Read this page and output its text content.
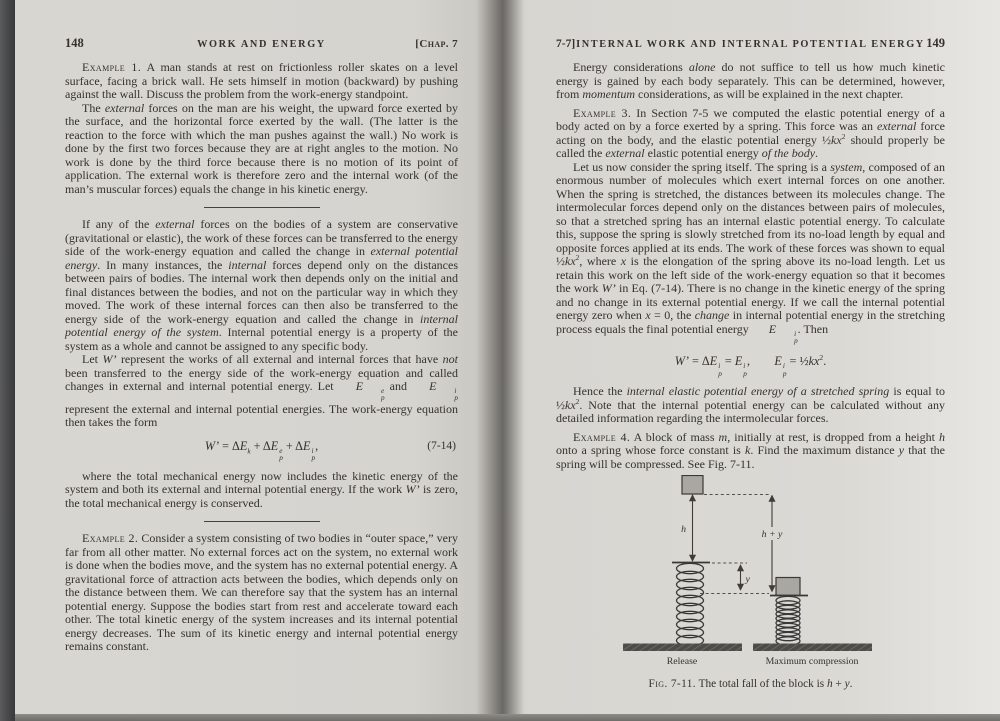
148	WORK AND ENERGY	[Chap. 7

Example 1. A man stands at rest on frictionless roller skates on a level surface, facing a brick wall. He sets himself in motion (backward) by pushing against the wall. Discuss the problem from the work-energy standpoint.

The external forces on the man are his weight, the upward force exerted by the surface, and the horizontal force exerted by the wall. (The latter is the reaction to the force with which the man pushes against the wall.) No work is done by the first two forces because they are at right angles to the motion. No work is done by the third force because there is no motion of its point of application. The external work is therefore zero and the internal work (of the man’s muscular forces) equals the change in his kinetic energy.

If any of the external forces on the bodies of a system are conservative (gravitational or elastic), the work of these forces can be transferred to the energy side of the work-energy equation and called the change in external potential energy. In many instances, the internal forces depend only on the distances between pairs of bodies. The internal work then depends only on the initial and final distances between the bodies, and not on the particular way in which they moved. The work of these internal forces can then also be transferred to the energy side of the work-energy equation and called the change in internal potential energy of the system. Internal potential energy is a property of the system as a whole and cannot be assigned to any specific body.

Let W’ represent the works of all external and internal forces that have not been transferred to the energy side of the work-energy equation and called changes in external and internal potential energy. Let E	e
p
and E	i
p
represent the external and internal potential energies. The work-energy equation then takes the form

W’ = $\Delta E_k + \Delta E$ e
p
+ ΔE i
p
,	(7-14)

where the total mechanical energy now includes the kinetic energy of the system and both its external and internal potential energy. If the work W’ is zero, the total mechanical energy is conserved.

Example 2. Consider a system consisting of two bodies in “outer space,” very far from all other matter. No external forces act on the system, no external work is done when the bodies move, and the system has no external potential energy. A gravitational force of attraction acts between the bodies, which depends only on the distance between them. We can therefore say that the system has an internal potential energy. Suppose the bodies start from rest and accelerate toward each other. The total kinetic energy of the system increases and its internal potential energy decreases. The sum of its kinetic energy and internal potential energy remains constant.

7-7] INTERNAL WORK AND INTERNAL POTENTIAL ENERGY 149

Energy considerations alone do not suffice to tell us how much kinetic energy is gained by each body separately. This can be determined, however, from momentum considerations, as will be explained in the next chapter.

Example 3. In Section 7-5 we computed the elastic potential energy of a body acted on by a force exerted by a spring. This force was an external force acting on the body, and the elastic potential energy $\frac{1}{2}kx^2$ should properly be called the external elastic potential energy of the body.

Let us now consider the spring itself. The spring is a system, composed of an enormous number of molecules which exert internal forces on one another. When the spring is stretched, the distances between its molecules change. The intermolecular forces depend only on the distances between pairs of molecules, so that a stretched spring has an internal elastic potential energy. To calculate this, suppose the spring is slowly stretched from its no-load length by equal and opposite forces applied at its ends. The work of these forces was shown to equal $\frac{1}{2}kx^2$, where x is the elongation of the spring above its no-load length. Let us retain this work on the left side of the work-energy equation so that it becomes the work W’ in Eq. (7-14). There is no change in the kinetic energy of the spring and no change in its external potential energy. If we call the internal potential energy zero when x = 0, the change in internal potential energy in the stretching process equals the final potential energy E	i
p
. Then

W’ = ΔE i
p
= E i
p
,  E i
p
= $\frac{1}{2}kx^2$.

Hence the internal elastic potential energy of a stretched spring is equal to $\frac{1}{2}kx^2$. Note that the internal potential energy can be calculated without any detailed information regarding the intermolecular forces.

Example 4. A block of mass m, initially at rest, is dropped from a height h onto a spring whose force constant is k. Find the maximum distance y that the spring will be compressed. See Fig. 7-11.

h
y
h + y
Release	Maximum compression

Fig. 7-11. The total fall of the block is h + y.
